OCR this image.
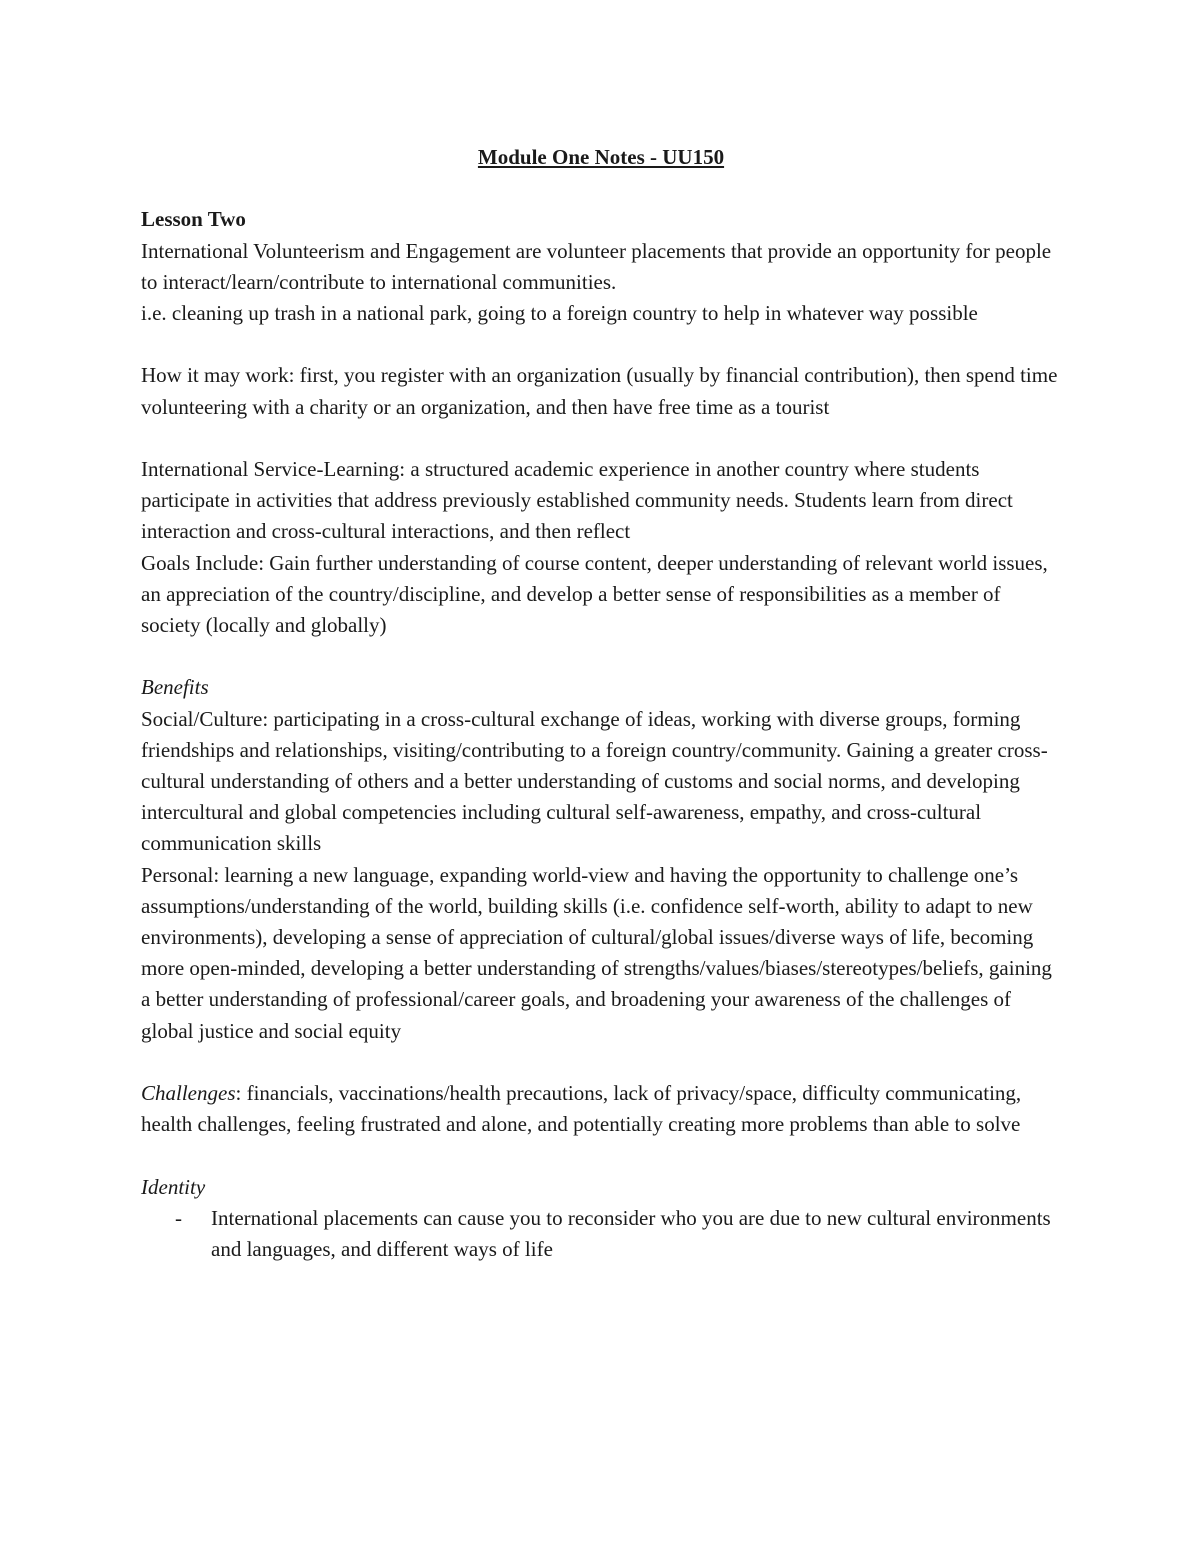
Module One Notes - UU150

Lesson Two

International Volunteerism and Engagement are volunteer placements that provide an opportunity for people to interact/learn/contribute to international communities.

i.e. cleaning up trash in a national park, going to a foreign country to help in whatever way possible

How it may work: first, you register with an organization (usually by financial contribution), then spend time volunteering with a charity or an organization, and then have free time as a tourist

International Service-Learning: a structured academic experience in another country where students participate in activities that address previously established community needs. Students learn from direct interaction and cross-cultural interactions, and then reflect

Goals Include: Gain further understanding of course content, deeper understanding of relevant world issues, an appreciation of the country/discipline, and develop a better sense of responsibilities as a member of society (locally and globally)

Benefits

Social/Culture: participating in a cross-cultural exchange of ideas, working with diverse groups, forming friendships and relationships, visiting/contributing to a foreign country/community. Gaining a greater cross-cultural understanding of others and a better understanding of customs and social norms, and developing intercultural and global competencies including cultural self-awareness, empathy, and cross-cultural communication skills

Personal: learning a new language, expanding world-view and having the opportunity to challenge one’s assumptions/understanding of the world, building skills (i.e. confidence self-worth, ability to adapt to new environments), developing a sense of appreciation of cultural/global issues/diverse ways of life, becoming more open-minded, developing a better understanding of strengths/values/biases/stereotypes/beliefs, gaining a better understanding of professional/career goals, and broadening your awareness of the challenges of global justice and social equity

Challenges: financials, vaccinations/health precautions, lack of privacy/space, difficulty communicating, health challenges, feeling frustrated and alone, and potentially creating more problems than able to solve

Identity

- International placements can cause you to reconsider who you are due to new cultural environments and languages, and different ways of life
